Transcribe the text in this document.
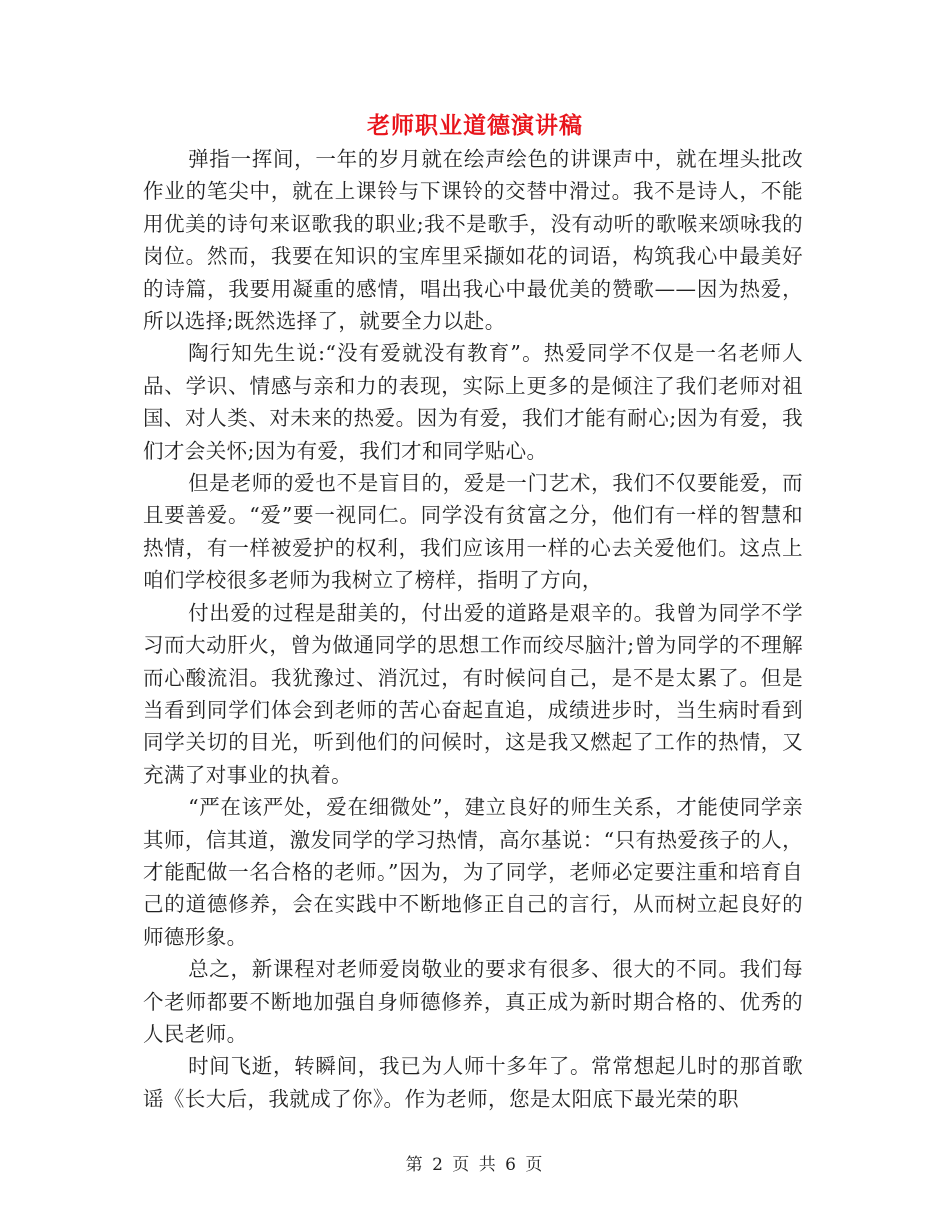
老师职业道德演讲稿

弹指一挥间，一年的岁月就在绘声绘色的讲课声中，就在埋头批改作业的笔尖中，就在上课铃与下课铃的交替中滑过。我不是诗人，不能用优美的诗句来讴歌我的职业;我不是歌手，没有动听的歌喉来颂咏我的岗位。然而，我要在知识的宝库里采撷如花的词语，构筑我心中最美好的诗篇，我要用凝重的感情，唱出我心中最优美的赞歌——因为热爱，所以选择;既然选择了，就要全力以赴。

陶行知先生说:“没有爱就没有教育”。热爱同学不仅是一名老师人品、学识、情感与亲和力的表现，实际上更多的是倾注了我们老师对祖国、对人类、对未来的热爱。因为有爱，我们才能有耐心;因为有爱，我们才会关怀;因为有爱，我们才和同学贴心。

但是老师的爱也不是盲目的，爱是一门艺术，我们不仅要能爱，而且要善爱。“爱”要一视同仁。同学没有贫富之分，他们有一样的智慧和热情，有一样被爱护的权利，我们应该用一样的心去关爱他们。这点上咱们学校很多老师为我树立了榜样，指明了方向，

付出爱的过程是甜美的，付出爱的道路是艰辛的。我曾为同学不学习而大动肝火，曾为做通同学的思想工作而绞尽脑汁;曾为同学的不理解而心酸流泪。我犹豫过、消沉过，有时候问自己，是不是太累了。但是当看到同学们体会到老师的苦心奋起直追，成绩进步时，当生病时看到同学关切的目光，听到他们的问候时，这是我又燃起了工作的热情，又充满了对事业的执着。

“严在该严处，爱在细微处”，建立良好的师生关系，才能使同学亲其师，信其道，激发同学的学习热情，高尔基说：“只有热爱孩子的人，才能配做一名合格的老师。”因为，为了同学，老师必定要注重和培育自己的道德修养，会在实践中不断地修正自己的言行，从而树立起良好的师德形象。

总之，新课程对老师爱岗敬业的要求有很多、很大的不同。我们每个老师都要不断地加强自身师德修养，真正成为新时期合格的、优秀的人民老师。

时间飞逝，转瞬间，我已为人师十多年了。常常想起儿时的那首歌谣《长大后，我就成了你》。作为老师，您是太阳底下最光荣的职

第 2 页 共 6 页
